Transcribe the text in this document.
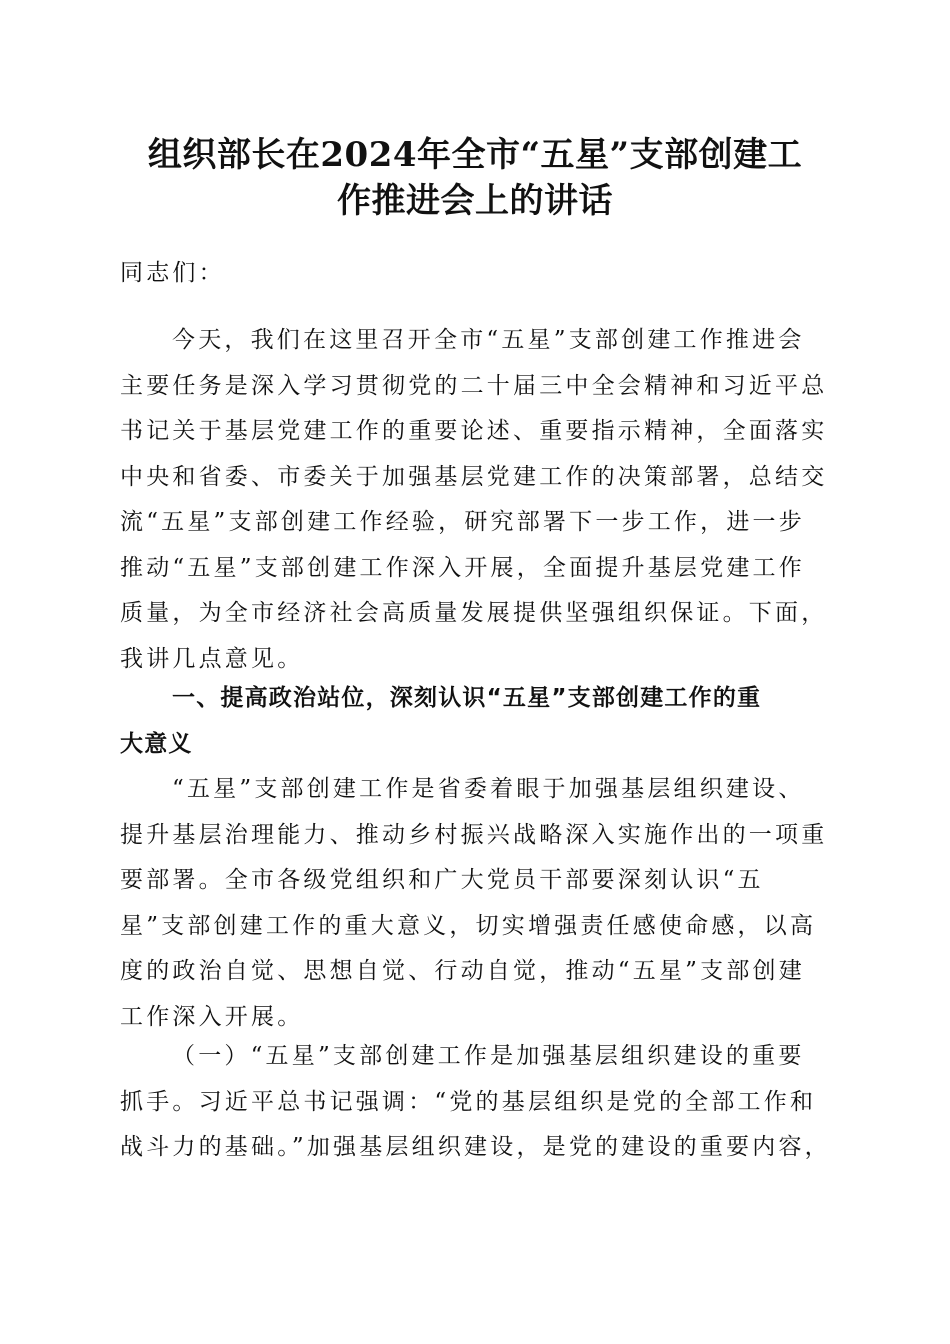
组织部长在2024年全市“五星”支部创建工
作推进会上的讲话
同志们：
今天，我们在这里召开全市“五星”支部创建工作推进会
主要任务是深入学习贯彻党的二十届三中全会精神和习近平总
书记关于基层党建工作的重要论述、重要指示精神，全面落实
中央和省委、市委关于加强基层党建工作的决策部署，总结交
流“五星”支部创建工作经验，研究部署下一步工作，进一步
推动“五星”支部创建工作深入开展，全面提升基层党建工作
质量，为全市经济社会高质量发展提供坚强组织保证。下面，
我讲几点意见。
一、提高政治站位，深刻认识“五星”支部创建工作的重
大意义
“五星”支部创建工作是省委着眼于加强基层组织建设、
提升基层治理能力、推动乡村振兴战略深入实施作出的一项重
要部署。全市各级党组织和广大党员干部要深刻认识“五
星”支部创建工作的重大意义，切实增强责任感使命感，以高
度的政治自觉、思想自觉、行动自觉，推动“五星”支部创建
工作深入开展。
（一）“五星”支部创建工作是加强基层组织建设的重要
抓手。习近平总书记强调：“党的基层组织是党的全部工作和
战斗力的基础。”加强基层组织建设，是党的建设的重要内容，
